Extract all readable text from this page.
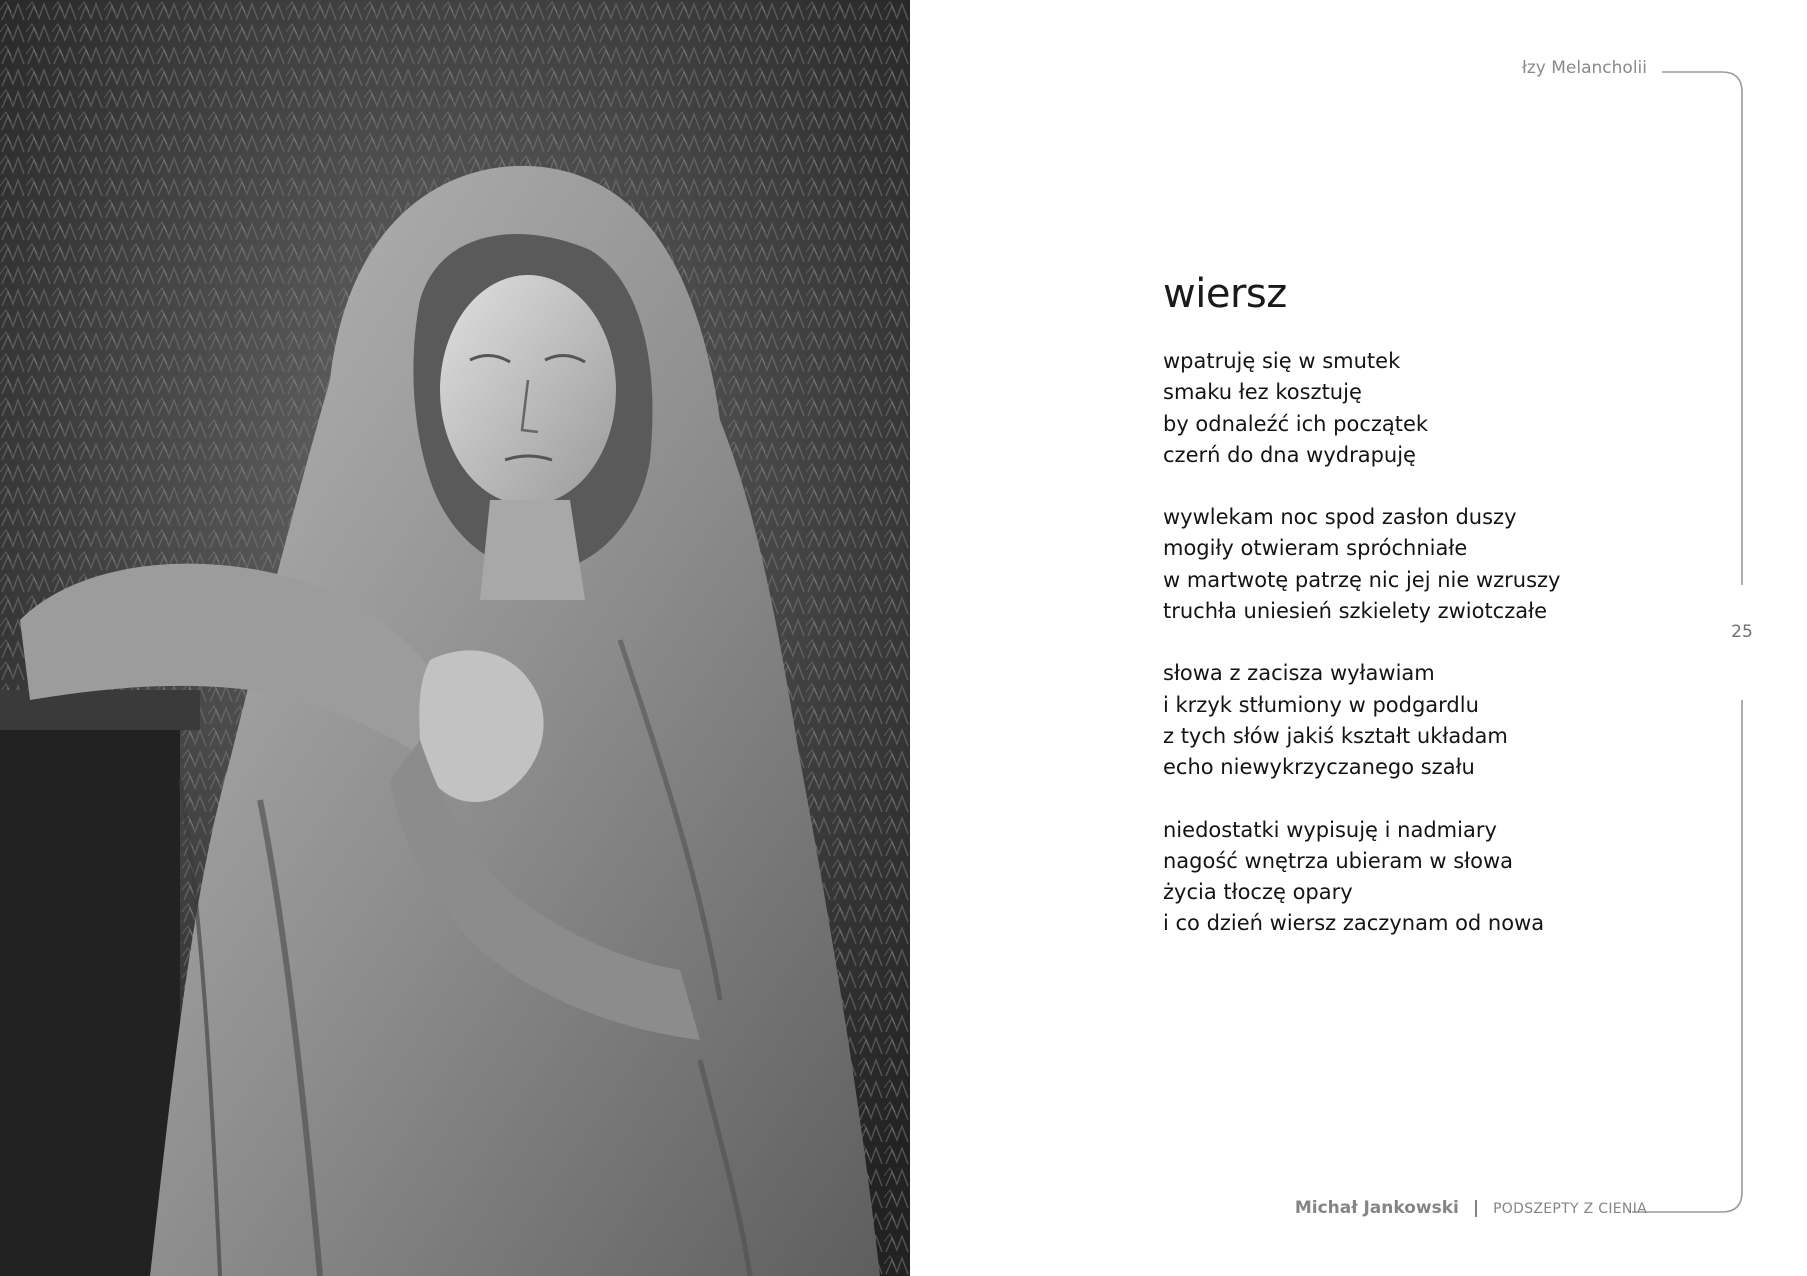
łzy Melancholii
25
wiersz
wpatruję się w smutek
smaku łez kosztuję
by odnaleźć ich początek
czerń do dna wydrapuję
wywlekam noc spod zasłon duszy
mogiły otwieram spróchniałe
w martwotę patrzę nic jej nie wzruszy
truchła uniesień szkielety zwiotczałe
słowa z zacisza wyławiam
i krzyk stłumiony w podgardlu
z tych słów jakiś kształt układam
echo niewykrzyczanego szału
niedostatki wypisuję i nadmiary
nagość wnętrza ubieram w słowa
życia tłoczę opary
i co dzień wiersz zaczynam od nowa
Michał Jankowski | PODSZEPTY Z CIENIA
